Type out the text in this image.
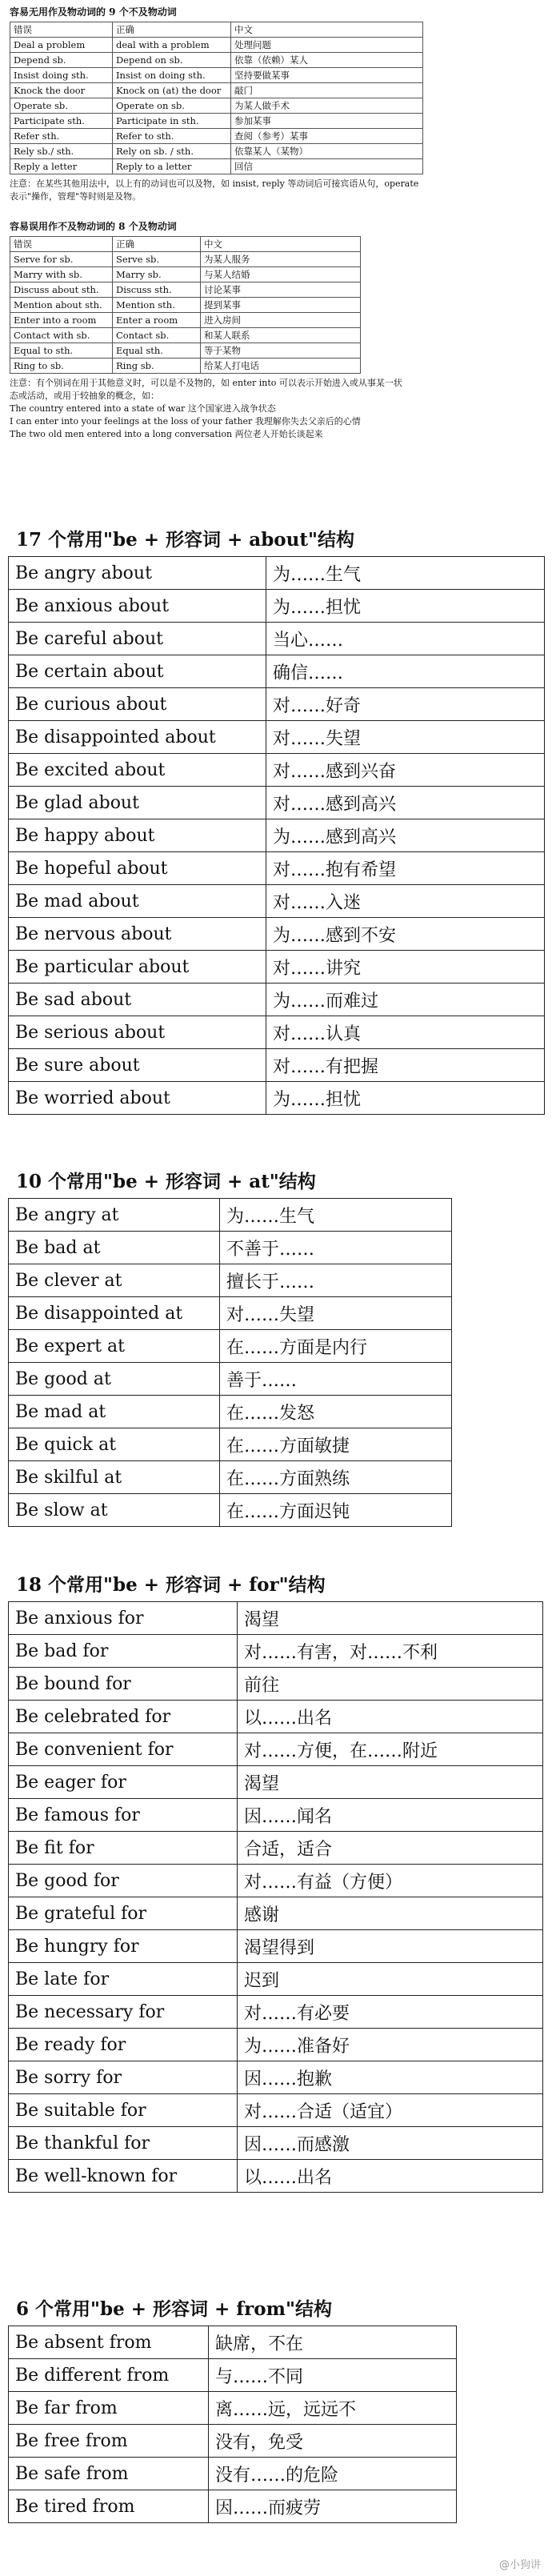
容易无用作及物动词的 9 个不及物动词
错误	正确	中文
Deal a problem	deal with a problem	处理问题
Depend sb.	Depend on sb.	依靠（依赖）某人
Insist doing sth.	Insist on doing sth.	坚持要做某事
Knock the door	Knock on (at) the door	敲门
Operate sb.	Operate on sb.	为某人做手术
Participate sth.	Participate in sth.	参加某事
Refer sth.	Refer to sth.	查阅（参考）某事
Rely sb./ sth.	Rely on sb. / sth.	依靠某人（某物）
Reply a letter	Reply to a letter	回信

注意：在某些其他用法中，以上有的动词也可以及物，如 insist, reply 等动词后可接宾语从句，operate

表示"操作，管理"等时则是及物。

容易误用作不及物动词的 8 个及物动词
错误	正确	中文
Serve for sb.	Serve sb.	为某人服务
Marry with sb.	Marry sb.	与某人结婚
Discuss about sth.	Discuss sth.	讨论某事
Mention about sth.	Mention sth.	提到某事
Enter into a room	Enter a room	进入房间
Contact with sb.	Contact sb.	和某人联系
Equal to sth.	Equal sth.	等于某物
Ring to sb.	Ring sb.	给某人打电话

注意：有个别词在用于其他意义时，可以是不及物的，如 enter into 可以表示开始进入或从事某一状

态或活动，或用于较抽象的概念，如：

The country entered into a state of war 这个国家进入战争状态

I can enter into your feelings at the loss of your father 我理解你失去父亲后的心情

The two old men entered into a long conversation 两位老人开始长谈起来

17 个常用"be + 形容词 + about"结构
Be angry about	为……生气
Be anxious about	为……担忧
Be careful about	当心……
Be certain about	确信……
Be curious about	对……好奇
Be disappointed about	对……失望
Be excited about	对……感到兴奋
Be glad about	对……感到高兴
Be happy about	为……感到高兴
Be hopeful about	对……抱有希望
Be mad about	对……入迷
Be nervous about	为……感到不安
Be particular about	对……讲究
Be sad about	为……而难过
Be serious about	对……认真
Be sure about	对……有把握
Be worried about	为……担忧
10 个常用"be + 形容词 + at"结构
Be angry at	为……生气
Be bad at	不善于……
Be clever at	擅长于……
Be disappointed at	对……失望
Be expert at	在……方面是内行
Be good at	善于……
Be mad at	在……发怒
Be quick at	在……方面敏捷
Be skilful at	在……方面熟练
Be slow at	在……方面迟钝
18 个常用"be + 形容词 + for"结构
Be anxious for	渴望
Be bad for	对……有害，对……不利
Be bound for	前往
Be celebrated for	以……出名
Be convenient for	对……方便，在……附近
Be eager for	渴望
Be famous for	因……闻名
Be fit for	合适，适合
Be good for	对……有益（方便）
Be grateful for	感谢
Be hungry for	渴望得到
Be late for	迟到
Be necessary for	对……有必要
Be ready for	为……准备好
Be sorry for	因……抱歉
Be suitable for	对……合适（适宜）
Be thankful for	因……而感激
Be well-known for	以……出名
6 个常用"be + 形容词 + from"结构
Be absent from	缺席，不在
Be different from	与……不同
Be far from	离……远，远远不
Be free from	没有，免受
Be safe from	没有……的危险
Be tired from	因……而疲劳
@小狗讲
